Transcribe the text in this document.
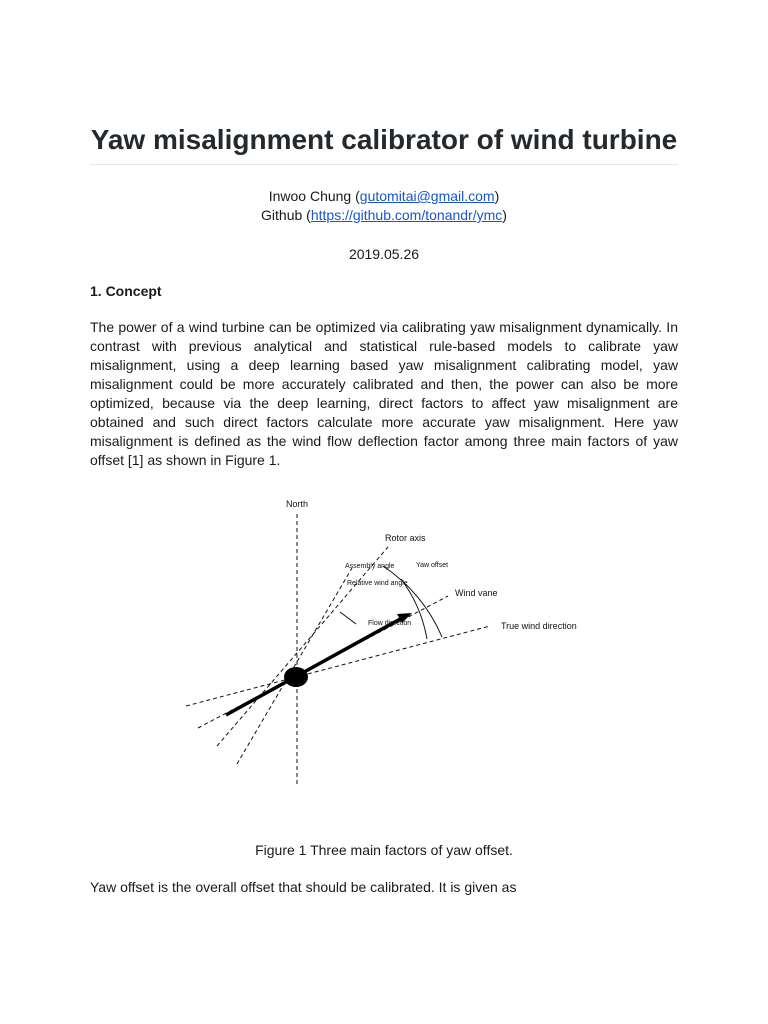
Yaw misalignment calibrator of wind turbine
Inwoo Chung (gutomitai@gmail.com)
Github (https://github.com/tonandr/ymc)
2019.05.26
1. Concept

The power of a wind turbine can be optimized via calibrating yaw misalignment dynamically. In contrast with previous analytical and statistical rule-based models to calibrate yaw misalignment, using a deep learning based yaw misalignment calibrating model, yaw misalignment could be more accurately calibrated and then, the power can also be more optimized, because via the deep learning, direct factors to affect yaw misalignment are obtained and such direct factors calculate more accurate yaw misalignment. Here yaw misalignment is defined as the wind flow deflection factor among three main factors of yaw offset [1] as shown in Figure 1.

North
Rotor axis
Assembly angle	Yaw offset
Relative wind angle
Wind vane
Flow direction	True wind direction

Figure 1 Three main factors of yaw offset.

Yaw offset is the overall offset that should be calibrated. It is given as
